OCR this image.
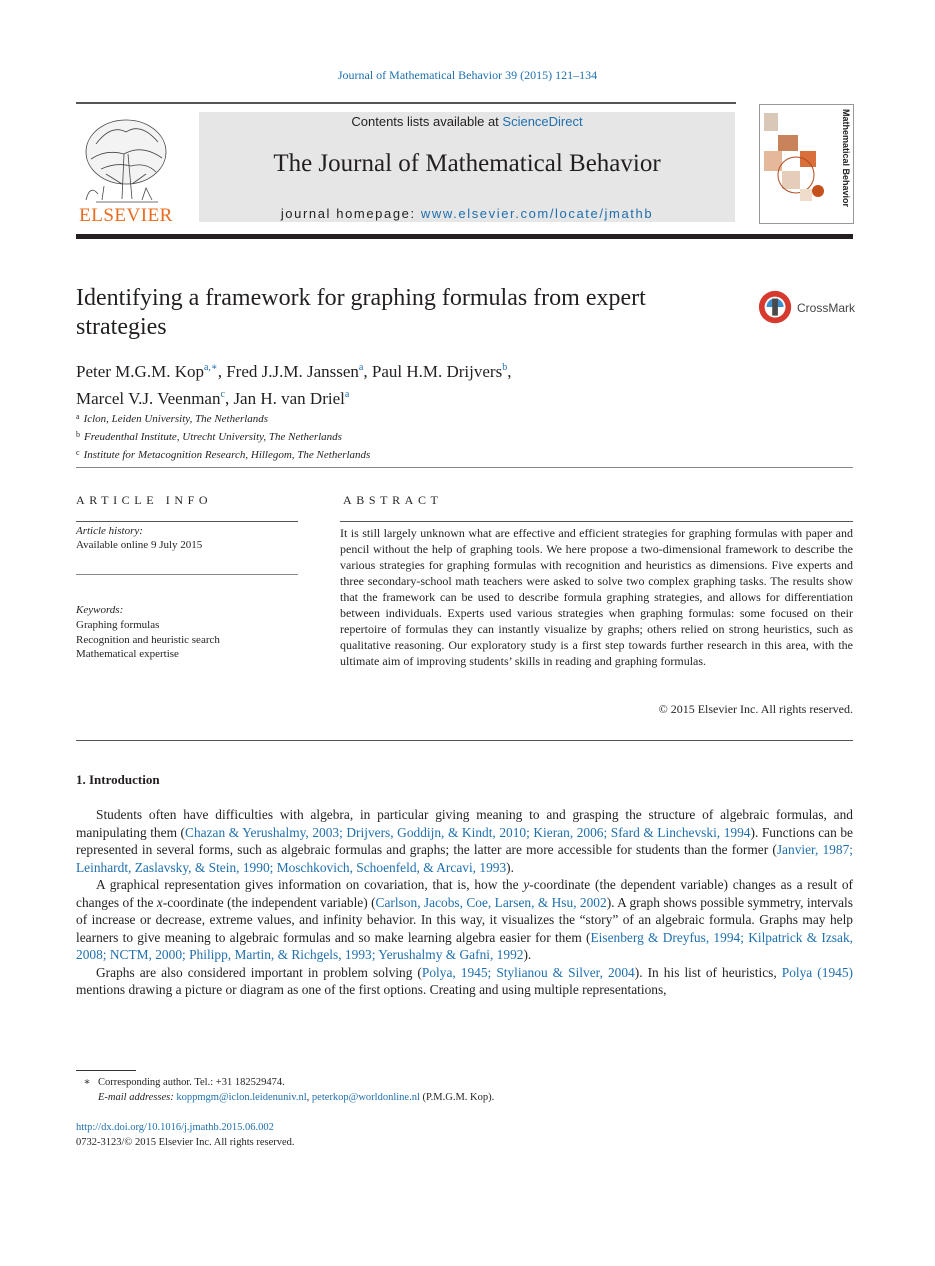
Journal of Mathematical Behavior 39 (2015) 121–134
ELSEVIER
Contents lists available at ScienceDirect
The Journal of Mathematical Behavior
journal homepage: www.elsevier.com/locate/jmathb
Mathematical Behavior
Identifying a framework for graphing formulas from expert strategies
CrossMark
Peter M.G.M. Kop$^{a,∗}$, Fred J.J.M. Janssen$^a$, Paul H.M. Drijvers$^b$,
Marcel V.J. Veenman$^c$, Jan H. van Driel$^a$
$^a$ Iclon, Leiden University, The Netherlands
$^b$ Freudenthal Institute, Utrecht University, The Netherlands
$^c$ Institute for Metacognition Research, Hillegom, The Netherlands
ARTICLE INFO	ABSTRACT
Article history:
Available online 9 July 2015
Keywords:
Graphing formulas
Recognition and heuristic search
Mathematical expertise
It is still largely unknown what are effective and efficient strategies for graphing formulas with paper and pencil without the help of graphing tools. We here propose a two-dimensional framework to describe the various strategies for graphing formulas with recognition and heuristics as dimensions. Five experts and three secondary-school math teachers were asked to solve two complex graphing tasks. The results show that the framework can be used to describe formula graphing strategies, and allows for differentiation between individuals. Experts used various strategies when graphing formulas: some focused on their repertoire of formulas they can instantly visualize by graphs; others relied on strong heuristics, such as qualitative reasoning. Our exploratory study is a first step towards further research in this area, with the ultimate aim of improving students’ skills in reading and graphing formulas.
© 2015 Elsevier Inc. All rights reserved.
1. Introduction

Students often have difficulties with algebra, in particular giving meaning to and grasping the structure of algebraic formulas, and manipulating them (Chazan & Yerushalmy, 2003; Drijvers, Goddijn, & Kindt, 2010; Kieran, 2006; Sfard & Linchevski, 1994). Functions can be represented in several forms, such as algebraic formulas and graphs; the latter are more accessible for students than the former (Janvier, 1987; Leinhardt, Zaslavsky, & Stein, 1990; Moschkovich, Schoenfeld, & Arcavi, 1993).

A graphical representation gives information on covariation, that is, how the y-coordinate (the dependent variable) changes as a result of changes of the x-coordinate (the independent variable) (Carlson, Jacobs, Coe, Larsen, & Hsu, 2002). A graph shows possible symmetry, intervals of increase or decrease, extreme values, and infinity behavior. In this way, it visualizes the “story” of an algebraic formula. Graphs may help learners to give meaning to algebraic formulas and so make learning algebra easier for them (Eisenberg & Dreyfus, 1994; Kilpatrick & Izsak, 2008; NCTM, 2000; Philipp, Martin, & Richgels, 1993; Yerushalmy & Gafni, 1992).

Graphs are also considered important in problem solving (Polya, 1945; Stylianou & Silver, 2004). In his list of heuristics, Polya (1945) mentions drawing a picture or diagram as one of the first options. Creating and using multiple representations,

∗ Corresponding author. Tel.: +31 182529474.
E-mail addresses: koppmgm@iclon.leidenuniv.nl, peterkop@worldonline.nl (P.M.G.M. Kop).
http://dx.doi.org/10.1016/j.jmathb.2015.06.002
0732-3123/© 2015 Elsevier Inc. All rights reserved.
